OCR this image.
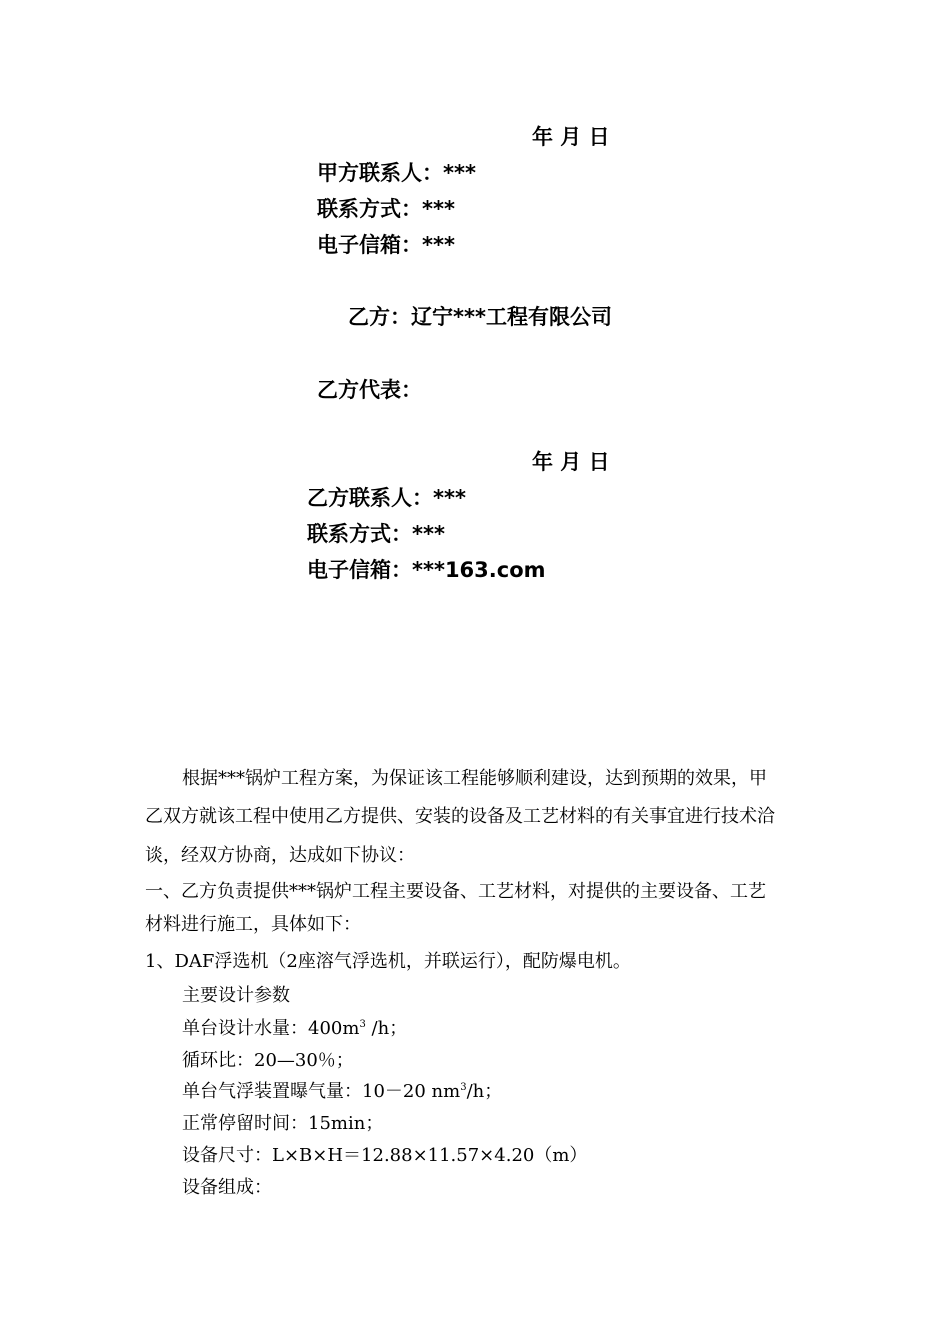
年 月 日
甲方联系人：***
联系方式：***
电子信箱：***
乙方：辽宁***工程有限公司
乙方代表：
年 月 日
乙方联系人：***
联系方式：***
电子信箱：***163.com
根据***锅炉工程方案，为保证该工程能够顺利建设，达到预期的效果，甲
乙双方就该工程中使用乙方提供、安装的设备及工艺材料的有关事宜进行技术洽
谈，经双方协商，达成如下协议：
一、乙方负责提供***锅炉工程主要设备、工艺材料，对提供的主要设备、工艺
材料进行施工，具体如下：
1、DAF浮选机（2座溶气浮选机，并联运行），配防爆电机。
主要设计参数
单台设计水量：$400m^3$ /h；
循环比：20—30％；
单台气浮装置曝气量：10－20 $nm^3/h$；
正常停留时间：15min；
设备尺寸：L×B×H＝12.88×11.57×4.20（m）
设备组成：
